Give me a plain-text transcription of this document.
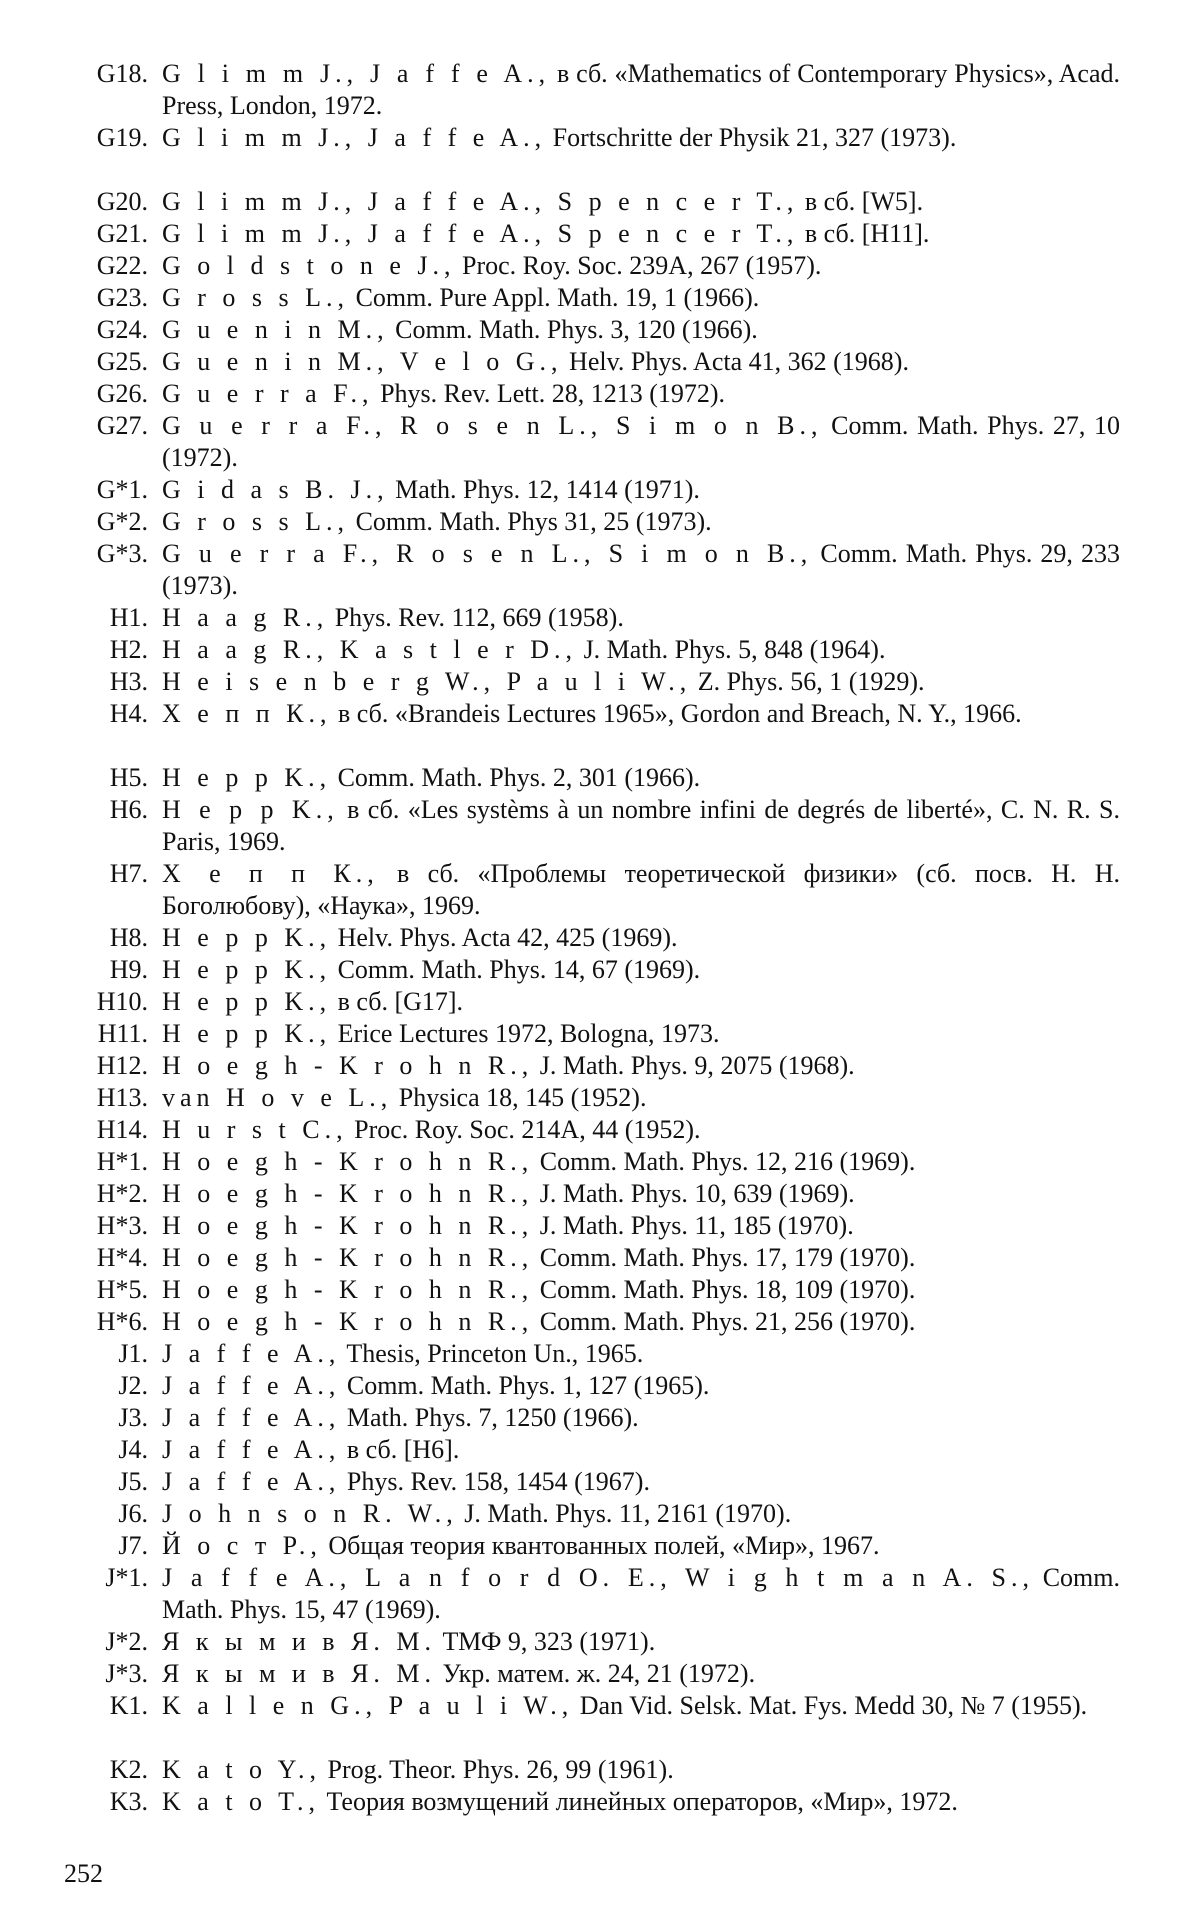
G18. G l i m m J., J a f f e A., в сб. «Mathematics of Contemporary Physics», Acad. Press, London, 1972.
G19. G l i m m J., J a f f e A., Fortschritte der Physik 21, 327 (1973).
G20. G l i m m J., J a f f e A., S p e n c e r T., в сб. [W5].
G21. G l i m m J., J a f f e A., S p e n c e r T., в сб. [H11].
G22. G o l d s t o n e J., Proc. Roy. Soc. 239A, 267 (1957).
G23. G r o s s L., Comm. Pure Appl. Math. 19, 1 (1966).
G24. G u e n i n M., Comm. Math. Phys. 3, 120 (1966).
G25. G u e n i n M., V e l o G., Helv. Phys. Acta 41, 362 (1968).
G26. G u e r r a F., Phys. Rev. Lett. 28, 1213 (1972).
G27. G u e r r a F., R o s e n L., S i m o n B., Comm. Math. Phys. 27, 10 (1972).
G*1. G i d a s B. J., Math. Phys. 12, 1414 (1971).
G*2. G r o s s L., Comm. Math. Phys 31, 25 (1973).
G*3. G u e r r a F., R o s e n L., S i m o n B., Comm. Math. Phys. 29, 233 (1973).
H1. H a a g R., Phys. Rev. 112, 669 (1958).
H2. H a a g R., K a s t l e r D., J. Math. Phys. 5, 848 (1964).
H3. H e i s e n b e r g W., P a u l i W., Z. Phys. 56, 1 (1929).
H4. Х е п п К., в сб. «Brandeis Lectures 1965», Gordon and Breach, N. Y., 1966.
H5. H e p p K., Comm. Math. Phys. 2, 301 (1966).
H6. H e p p K., в сб. «Les systèms à un nombre infini de degrés de liberté», C. N. R. S. Paris, 1969.
H7. Х е п п К., в сб. «Проблемы теоретической физики» (сб. посв. Н. Н. Боголюбову), «Наука», 1969.
H8. H e p p K., Helv. Phys. Acta 42, 425 (1969).
H9. H e p p K., Comm. Math. Phys. 14, 67 (1969).
H10. H e p p K., в сб. [G17].
H11. H e p p K., Erice Lectures 1972, Bologna, 1973.
H12. H o e g h - K r o h n R., J. Math. Phys. 9, 2075 (1968).
H13. van H o v e L., Physica 18, 145 (1952).
H14. H u r s t C., Proc. Roy. Soc. 214A, 44 (1952).
H*1. H o e g h - K r o h n R., Comm. Math. Phys. 12, 216 (1969).
H*2. H o e g h - K r o h n R., J. Math. Phys. 10, 639 (1969).
H*3. H o e g h - K r o h n R., J. Math. Phys. 11, 185 (1970).
H*4. H o e g h - K r o h n R., Comm. Math. Phys. 17, 179 (1970).
H*5. H o e g h - K r o h n R., Comm. Math. Phys. 18, 109 (1970).
H*6. H o e g h - K r o h n R., Comm. Math. Phys. 21, 256 (1970).
J1. J a f f e A., Thesis, Princeton Un., 1965.
J2. J a f f e A., Comm. Math. Phys. 1, 127 (1965).
J3. J a f f e A., Math. Phys. 7, 1250 (1966).
J4. J a f f e A., в сб. [H6].
J5. J a f f e A., Phys. Rev. 158, 1454 (1967).
J6. J o h n s o n R. W., J. Math. Phys. 11, 2161 (1970).
J7. Й о с т Р., Общая теория квантованных полей, «Мир», 1967.
J*1. J a f f e A., L a n f o r d O. E., W i g h t m a n A. S., Comm. Math. Phys. 15, 47 (1969).
J*2. Я к ы м и в Я. М. ТМФ 9, 323 (1971).
J*3. Я к ы м и в Я. М. Укр. матем. ж. 24, 21 (1972).
K1. K a l l e n G., P a u l i W., Dan Vid. Selsk. Mat. Fys. Medd 30, № 7 (1955).
K2. K a t o Y., Prog. Theor. Phys. 26, 99 (1961).
K3. K a t o T., Теория возмущений линейных операторов, «Мир», 1972.
252
